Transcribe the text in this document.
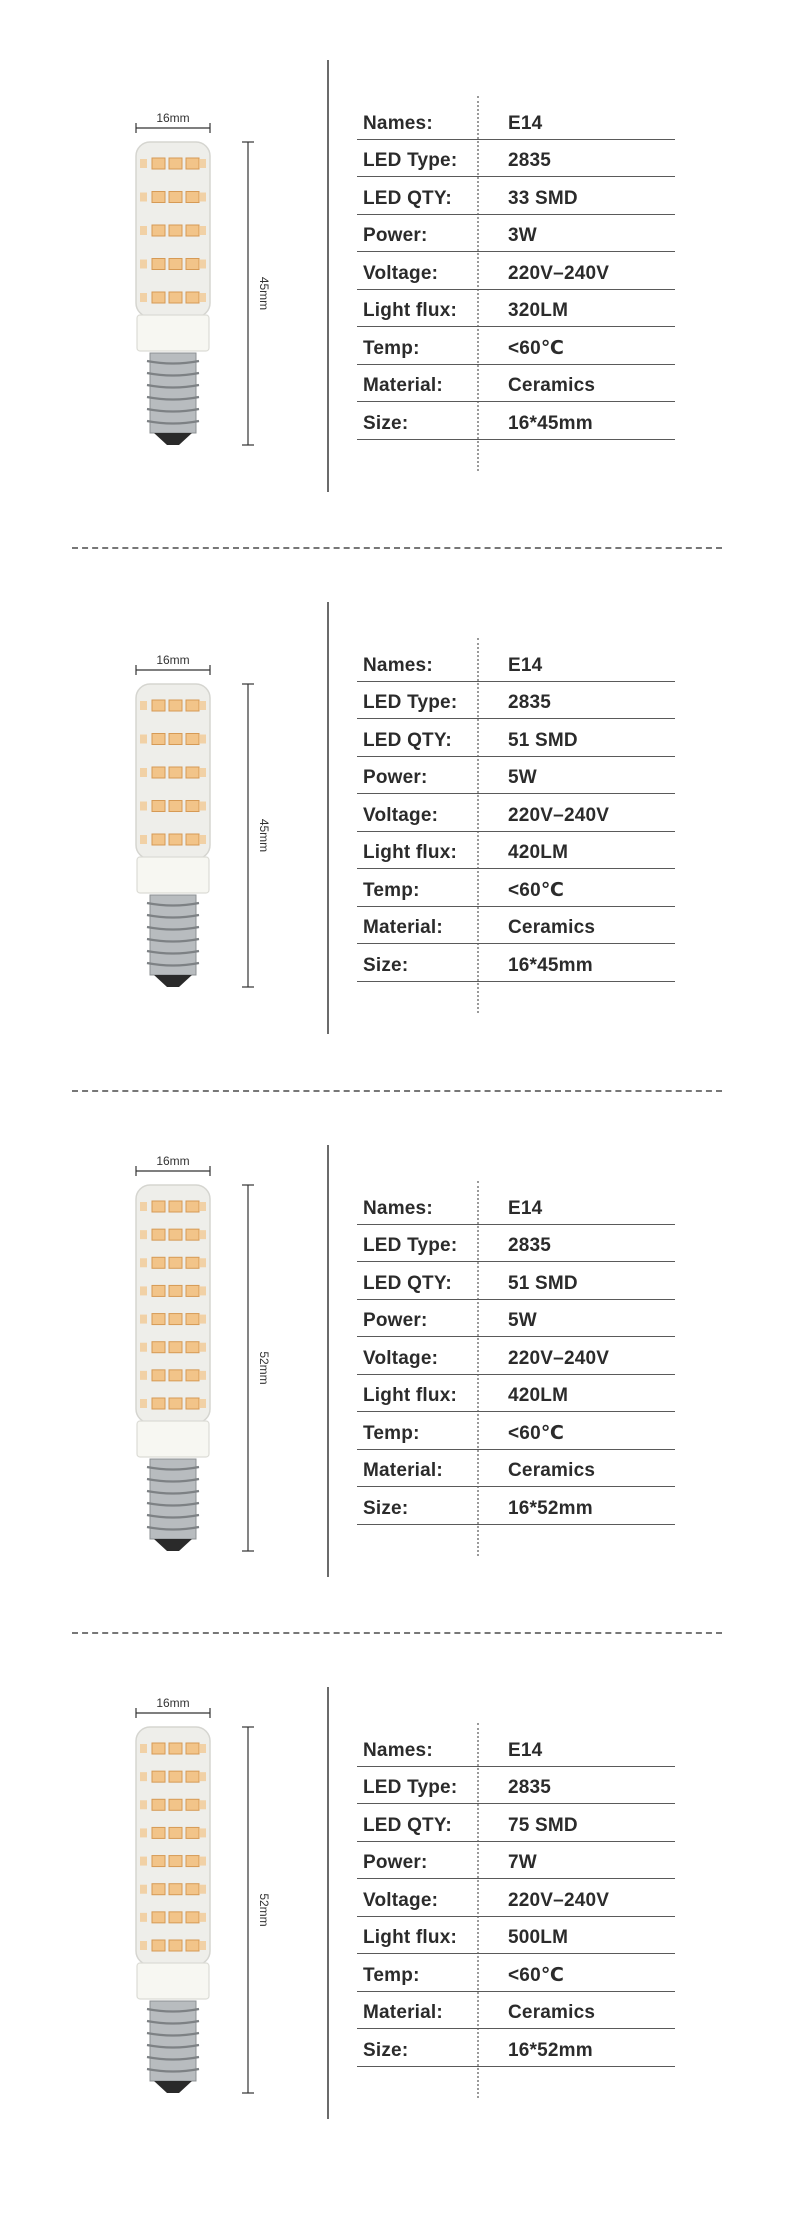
16mm
45mm
Names:	E14
LED Type:	2835
LED QTY:	33 SMD
Power:	3W
Voltage:	220V–240V
Light flux:	320LM
Temp:	<60℃
Material:	Ceramics
Size:	16*45mm
16mm
45mm
Names:	E14
LED Type:	2835
LED QTY:	51 SMD
Power:	5W
Voltage:	220V–240V
Light flux:	420LM
Temp:	<60℃
Material:	Ceramics
Size:	16*45mm
16mm
52mm
Names:	E14
LED Type:	2835
LED QTY:	51 SMD
Power:	5W
Voltage:	220V–240V
Light flux:	420LM
Temp:	<60℃
Material:	Ceramics
Size:	16*52mm
16mm
52mm
Names:	E14
LED Type:	2835
LED QTY:	75 SMD
Power:	7W
Voltage:	220V–240V
Light flux:	500LM
Temp:	<60℃
Material:	Ceramics
Size:	16*52mm
